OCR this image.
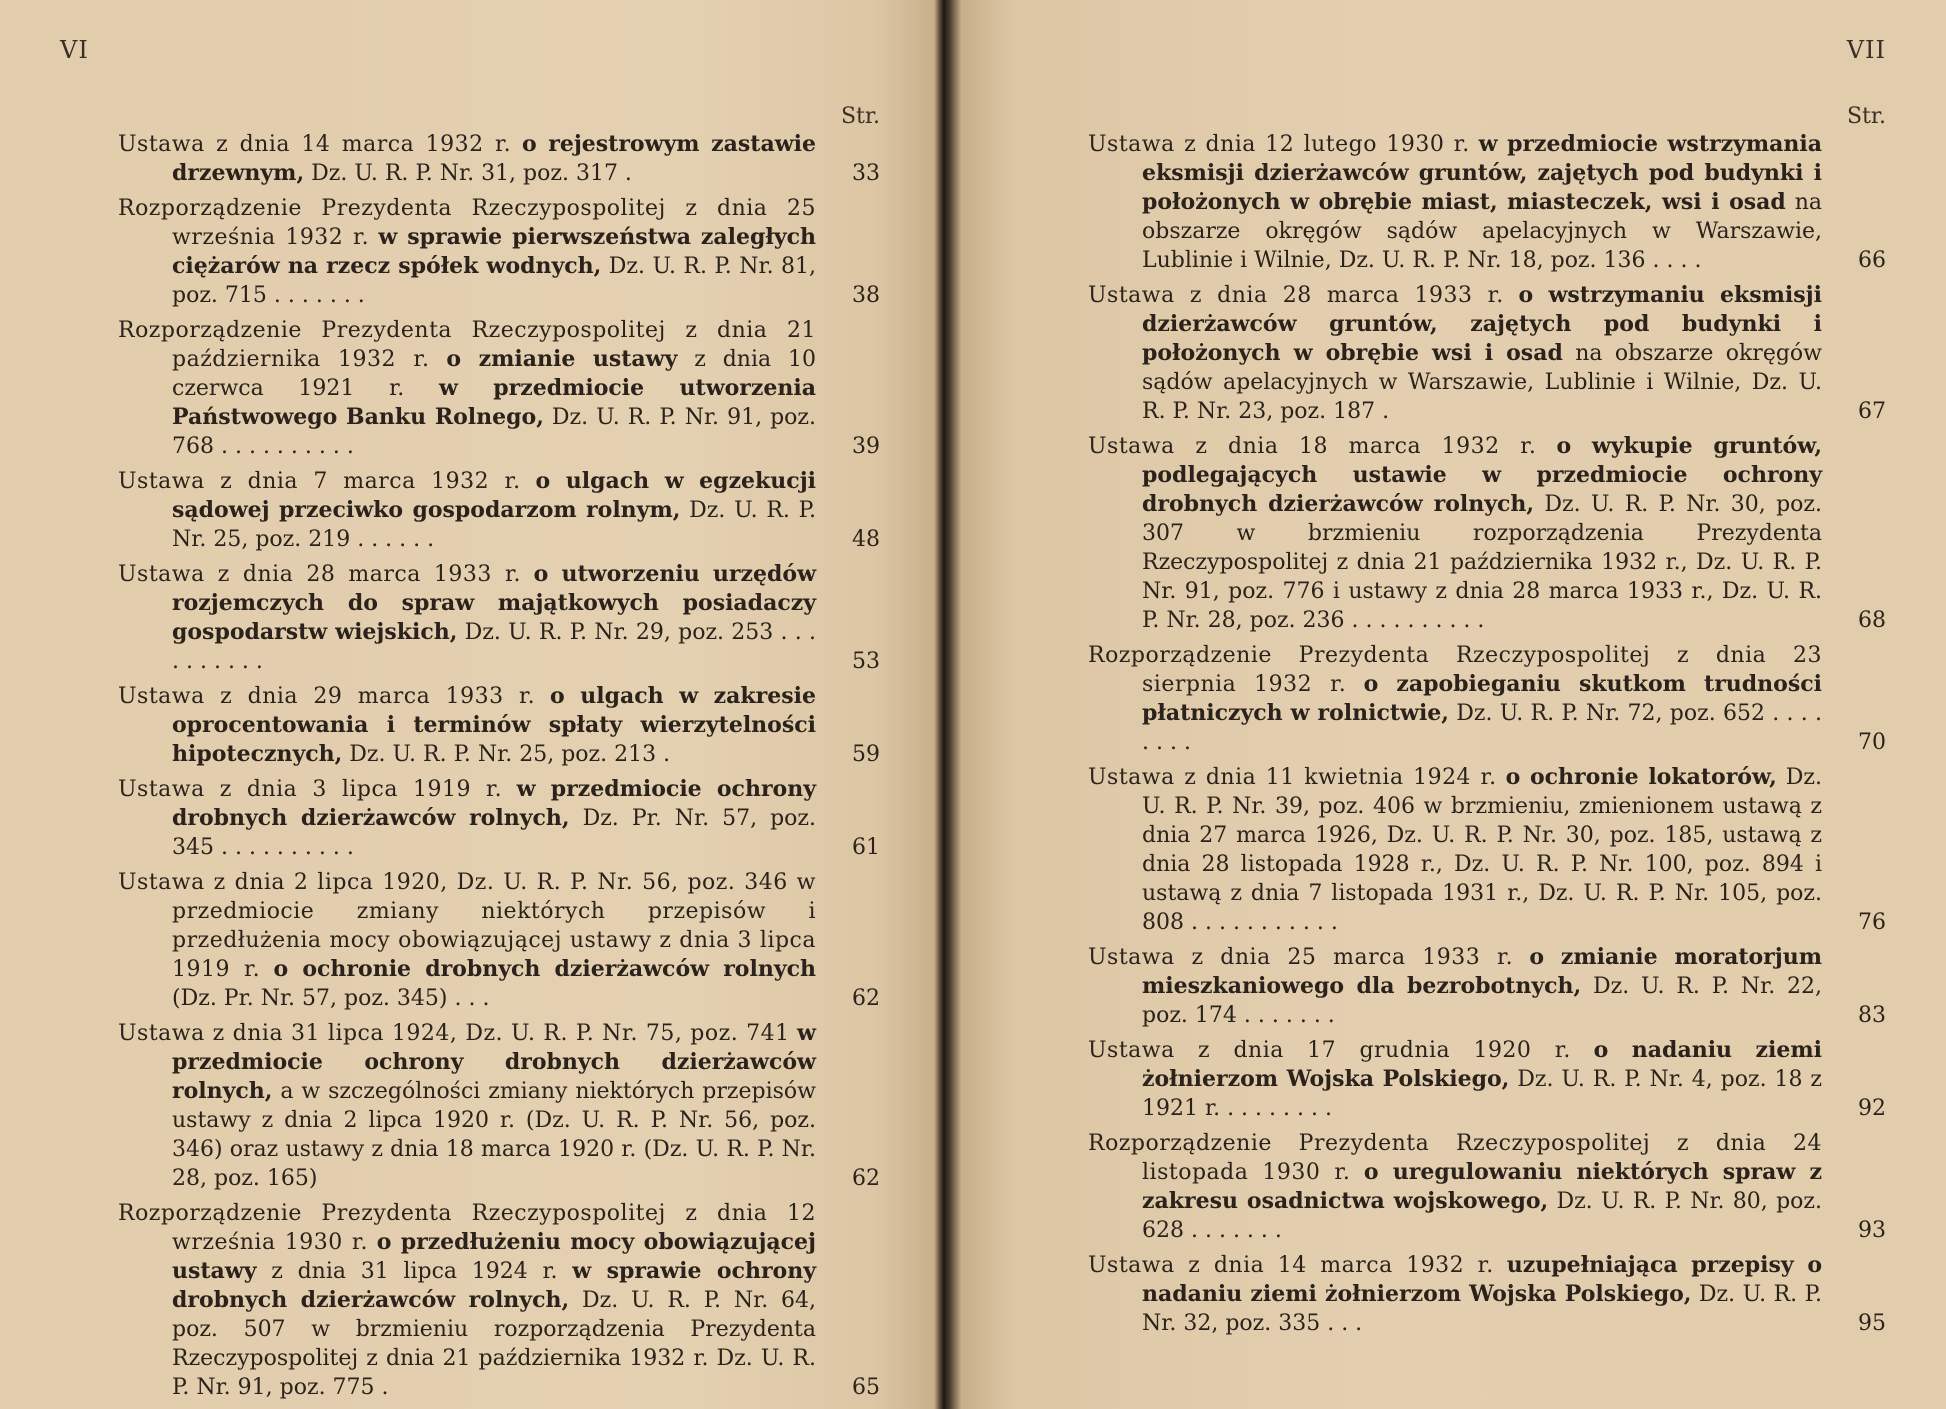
VI
Str.
Ustawa z dnia 14 marca 1932 r. o rejestrowym zastawie drzewnym, Dz. U. R. P. Nr. 31, poz. 317 .	33
Rozporządzenie Prezydenta Rzeczypospolitej z dnia 25 września 1932 r. w sprawie pierwszeństwa zaległych ciężarów na rzecz spółek wodnych, Dz. U. R. P. Nr. 81, poz. 715 . . . . . . .	38
Rozporządzenie Prezydenta Rzeczypospolitej z dnia 21 października 1932 r. o zmianie ustawy z dnia 10 czerwca 1921 r. w przedmiocie utworzenia Państwowego Banku Rolnego, Dz. U. R. P. Nr. 91, poz. 768 . . . . . . . . . .	39
Ustawa z dnia 7 marca 1932 r. o ulgach w egzekucji sądowej przeciwko gospodarzom rolnym, Dz. U. R. P. Nr. 25, poz. 219 . . . . . .	48
Ustawa z dnia 28 marca 1933 r. o utworzeniu urzędów rozjemczych do spraw majątkowych posiadaczy gospodarstw wiejskich, Dz. U. R. P. Nr. 29, poz. 253 . . . . . . . . . .	53
Ustawa z dnia 29 marca 1933 r. o ulgach w zakresie oprocentowania i terminów spłaty wierzytelności hipotecznych, Dz. U. R. P. Nr. 25, poz. 213 .	59
Ustawa z dnia 3 lipca 1919 r. w przedmiocie ochrony drobnych dzierżawców rolnych, Dz. Pr. Nr. 57, poz. 345 . . . . . . . . . .	61
Ustawa z dnia 2 lipca 1920, Dz. U. R. P. Nr. 56, poz. 346 w przedmiocie zmiany niektórych przepisów i przedłużenia mocy obowiązującej ustawy z dnia 3 lipca 1919 r. o ochronie drobnych dzierżawców rolnych (Dz. Pr. Nr. 57, poz. 345) . . .	62
Ustawa z dnia 31 lipca 1924, Dz. U. R. P. Nr. 75, poz. 741 w przedmiocie ochrony drobnych dzierżawców rolnych, a w szczególności zmiany niektórych przepisów ustawy z dnia 2 lipca 1920 r. (Dz. U. R. P. Nr. 56, poz. 346) oraz ustawy z dnia 18 marca 1920 r. (Dz. U. R. P. Nr. 28, poz. 165)	62
Rozporządzenie Prezydenta Rzeczypospolitej z dnia 12 września 1930 r. o przedłużeniu mocy obowiązującej ustawy z dnia 31 lipca 1924 r. w sprawie ochrony drobnych dzierżawców rolnych, Dz. U. R. P. Nr. 64, poz. 507 w brzmieniu rozporządzenia Prezydenta Rzeczypospolitej z dnia 21 października 1932 r. Dz. U. R. P. Nr. 91, poz. 775 .	65
VII
Str.
Ustawa z dnia 12 lutego 1930 r. w przedmiocie wstrzymania eksmisji dzierżawców gruntów, zajętych pod budynki i położonych w obrębie miast, miasteczek, wsi i osad na obszarze okręgów sądów apelacyjnych w Warszawie, Lublinie i Wilnie, Dz. U. R. P. Nr. 18, poz. 136 . . . .	66
Ustawa z dnia 28 marca 1933 r. o wstrzymaniu eksmisji dzierżawców gruntów, zajętych pod budynki i położonych w obrębie wsi i osad na obszarze okręgów sądów apelacyjnych w Warszawie, Lublinie i Wilnie, Dz. U. R. P. Nr. 23, poz. 187 .	67
Ustawa z dnia 18 marca 1932 r. o wykupie gruntów, podlegających ustawie w przedmiocie ochrony drobnych dzierżawców rolnych, Dz. U. R. P. Nr. 30, poz. 307 w brzmieniu rozporządzenia Prezydenta Rzeczypospolitej z dnia 21 października 1932 r., Dz. U. R. P. Nr. 91, poz. 776 i ustawy z dnia 28 marca 1933 r., Dz. U. R. P. Nr. 28, poz. 236 . . . . . . . . . .	68
Rozporządzenie Prezydenta Rzeczypospolitej z dnia 23 sierpnia 1932 r. o zapobieganiu skutkom trudności płatniczych w rolnictwie, Dz. U. R. P. Nr. 72, poz. 652 . . . . . . . .	70
Ustawa z dnia 11 kwietnia 1924 r. o ochronie lokatorów, Dz. U. R. P. Nr. 39, poz. 406 w brzmieniu, zmienionem ustawą z dnia 27 marca 1926, Dz. U. R. P. Nr. 30, poz. 185, ustawą z dnia 28 listopada 1928 r., Dz. U. R. P. Nr. 100, poz. 894 i ustawą z dnia 7 listopada 1931 r., Dz. U. R. P. Nr. 105, poz. 808 . . . . . . . . . . .	76
Ustawa z dnia 25 marca 1933 r. o zmianie moratorjum mieszkaniowego dla bezrobotnych, Dz. U. R. P. Nr. 22, poz. 174 . . . . . . .	83
Ustawa z dnia 17 grudnia 1920 r. o nadaniu ziemi żołnierzom Wojska Polskiego, Dz. U. R. P. Nr. 4, poz. 18 z 1921 r. . . . . . . . .	92
Rozporządzenie Prezydenta Rzeczypospolitej z dnia 24 listopada 1930 r. o uregulowaniu niektórych spraw z zakresu osadnictwa wojskowego, Dz. U. R. P. Nr. 80, poz. 628 . . . . . . .	93
Ustawa z dnia 14 marca 1932 r. uzupełniająca przepisy o nadaniu ziemi żołnierzom Wojska Polskiego, Dz. U. R. P. Nr. 32, poz. 335 . . .	95
